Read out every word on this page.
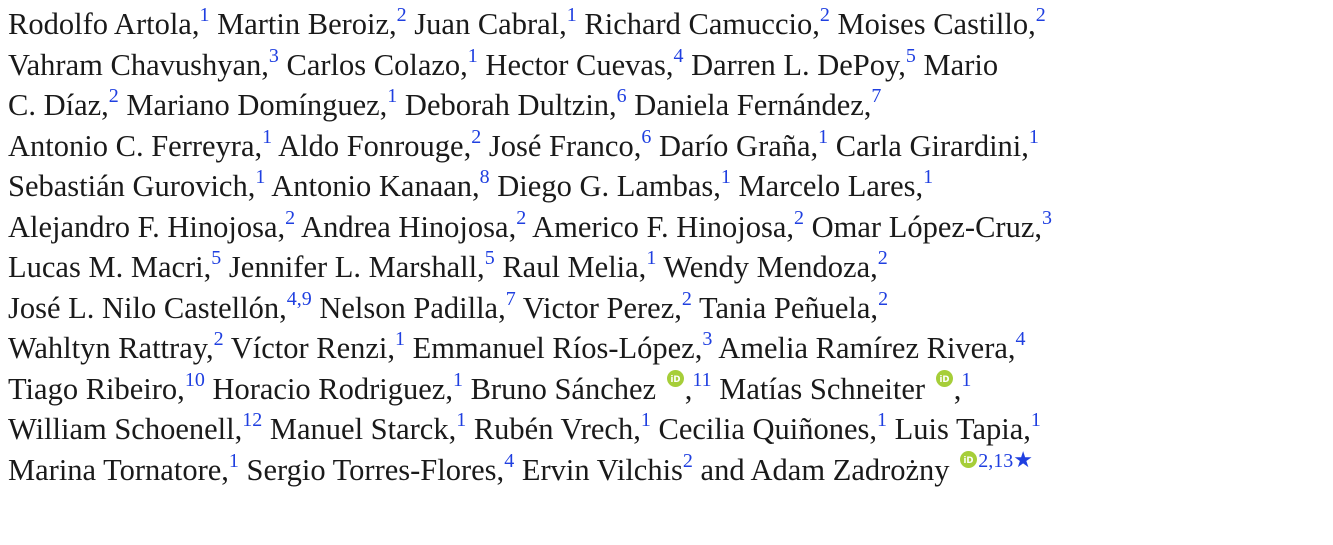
Rodolfo Artola,$^1$ Martin Beroiz,$^2$ Juan Cabral,$^1$ Richard Camuccio,$^2$ Moises Castillo,$^2$
Vahram Chavushyan,$^3$ Carlos Colazo,$^1$ Hector Cuevas,$^4$ Darren L. DePoy,$^5$ Mario
C. Díaz,$^2$ Mariano Domínguez,$^1$ Deborah Dultzin,$^6$ Daniela Fernández,$^7$
Antonio C. Ferreyra,$^1$ Aldo Fonrouge,$^2$ José Franco,$^6$ Darío Graña,$^1$ Carla Girardini,$^1$
Sebastián Gurovich,$^1$ Antonio Kanaan,$^8$ Diego G. Lambas,$^1$ Marcelo Lares,$^1$
Alejandro F. Hinojosa,$^2$ Andrea Hinojosa,$^2$ Americo F. Hinojosa,$^2$ Omar López-Cruz,$^3$
Lucas M. Macri,$^5$ Jennifer L. Marshall,$^5$ Raul Melia,$^1$ Wendy Mendoza,$^2$
José L. Nilo Castellón,$^{4,9}$ Nelson Padilla,$^7$ Victor Perez,$^2$ Tania Peñuela,$^2$
Wahltyn Rattray,$^2$ Víctor Renzi,$^1$ Emmanuel Ríos-López,$^3$ Amelia Ramírez Rivera,$^4$
Tiago Ribeiro,$^{10}$ Horacio Rodriguez,$^1$ Bruno Sánchez iD ,$^{11}$ Matías Schneiter iD ,$^1$
William Schoenell,$^{12}$ Manuel Starck,$^1$ Rubén Vrech,$^1$ Cecilia Quiñones,$^1$ Luis Tapia,$^1$
Marina Tornatore,$^1$ Sergio Torres-Flores,$^4$ Ervin Vilchis$^2$ and Adam Zadrożny iD $^{2,13★}$
